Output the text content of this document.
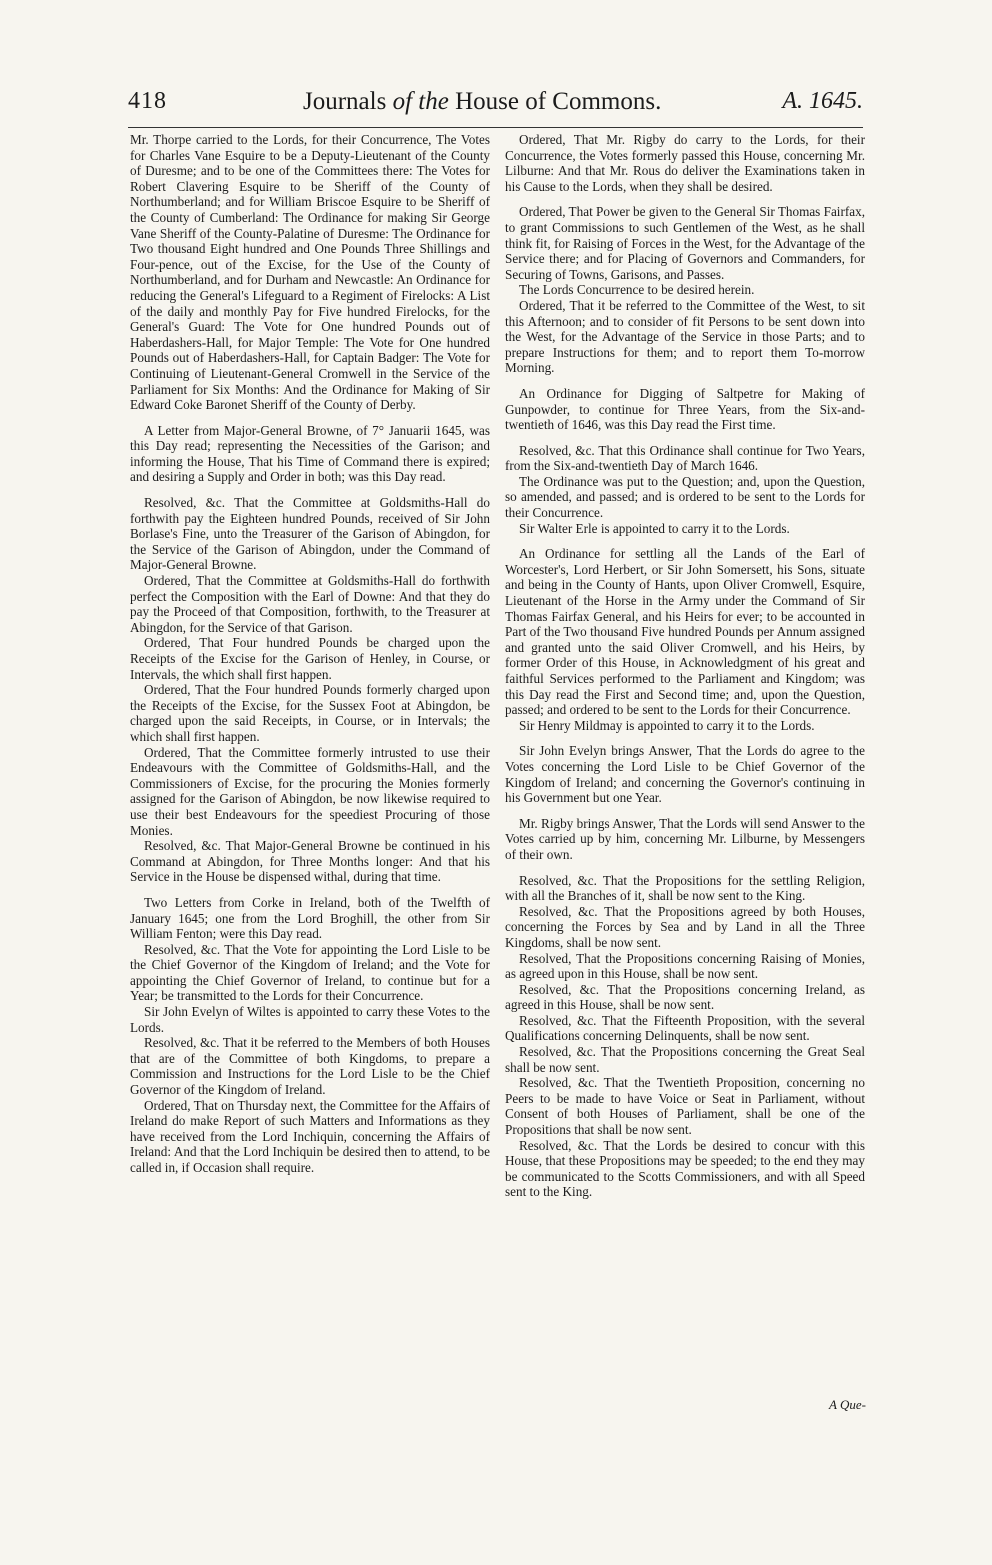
418	Journals of the House of Commons.	A. 1645.

Mr. Thorpe carried to the Lords, for their Concurrence, The Votes for Charles Vane Esquire to be a Deputy-Lieutenant of the County of Duresme; and to be one of the Committees there: The Votes for Robert Clavering Esquire to be Sheriff of the County of Northumberland; and for William Briscoe Esquire to be Sheriff of the County of Cumberland: The Ordinance for making Sir George Vane Sheriff of the County-Palatine of Duresme: The Ordinance for Two thousand Eight hundred and One Pounds Three Shillings and Four-pence, out of the Excise, for the Use of the County of Northumberland, and for Durham and Newcastle: An Ordinance for reducing the General's Lifeguard to a Regiment of Firelocks: A List of the daily and monthly Pay for Five hundred Firelocks, for the General's Guard: The Vote for One hundred Pounds out of Haberdashers-Hall, for Major Temple: The Vote for One hundred Pounds out of Haberdashers-Hall, for Captain Badger: The Vote for Continuing of Lieutenant-General Cromwell in the Service of the Parliament for Six Months: And the Ordinance for Making of Sir Edward Coke Baronet Sheriff of the County of Derby.

A Letter from Major-General Browne, of 7° Januarii 1645, was this Day read; representing the Necessities of the Garison; and informing the House, That his Time of Command there is expired; and desiring a Supply and Order in both; was this Day read.

Resolved, &c. That the Committee at Goldsmiths-Hall do forthwith pay the Eighteen hundred Pounds, received of Sir John Borlase's Fine, unto the Treasurer of the Garison of Abingdon, for the Service of the Garison of Abingdon, under the Command of Major-General Browne.

Ordered, That the Committee at Goldsmiths-Hall do forthwith perfect the Composition with the Earl of Downe: And that they do pay the Proceed of that Composition, forthwith, to the Treasurer at Abingdon, for the Service of that Garison.

Ordered, That Four hundred Pounds be charged upon the Receipts of the Excise for the Garison of Henley, in Course, or Intervals, the which shall first happen.

Ordered, That the Four hundred Pounds formerly charged upon the Receipts of the Excise, for the Sussex Foot at Abingdon, be charged upon the said Receipts, in Course, or in Intervals; the which shall first happen.

Ordered, That the Committee formerly intrusted to use their Endeavours with the Committee of Goldsmiths-Hall, and the Commissioners of Excise, for the procuring the Monies formerly assigned for the Garison of Abingdon, be now likewise required to use their best Endeavours for the speediest Procuring of those Monies.

Resolved, &c. That Major-General Browne be continued in his Command at Abingdon, for Three Months longer: And that his Service in the House be dispensed withal, during that time.

Two Letters from Corke in Ireland, both of the Twelfth of January 1645; one from the Lord Broghill, the other from Sir William Fenton; were this Day read.

Resolved, &c. That the Vote for appointing the Lord Lisle to be the Chief Governor of the Kingdom of Ireland; and the Vote for appointing the Chief Governor of Ireland, to continue but for a Year; be transmitted to the Lords for their Concurrence.

Sir John Evelyn of Wiltes is appointed to carry these Votes to the Lords.

Resolved, &c. That it be referred to the Members of both Houses that are of the Committee of both Kingdoms, to prepare a Commission and Instructions for the Lord Lisle to be the Chief Governor of the Kingdom of Ireland.

Ordered, That on Thursday next, the Committee for the Affairs of Ireland do make Report of such Matters and Informations as they have received from the Lord Inchiquin, concerning the Affairs of Ireland: And that the Lord Inchiquin be desired then to attend, to be called in, if Occasion shall require.

Ordered, That Mr. Rigby do carry to the Lords, for their Concurrence, the Votes formerly passed this House, concerning Mr. Lilburne: And that Mr. Rous do deliver the Examinations taken in his Cause to the Lords, when they shall be desired.

Ordered, That Power be given to the General Sir Thomas Fairfax, to grant Commissions to such Gentlemen of the West, as he shall think fit, for Raising of Forces in the West, for the Advantage of the Service there; and for Placing of Governors and Commanders, for Securing of Towns, Garisons, and Passes.

The Lords Concurrence to be desired herein.

Ordered, That it be referred to the Committee of the West, to sit this Afternoon; and to consider of fit Persons to be sent down into the West, for the Advantage of the Service in those Parts; and to prepare Instructions for them; and to report them To-morrow Morning.

An Ordinance for Digging of Saltpetre for Making of Gunpowder, to continue for Three Years, from the Six-and-twentieth of 1646, was this Day read the First time.

Resolved, &c. That this Ordinance shall continue for Two Years, from the Six-and-twentieth Day of March 1646.

The Ordinance was put to the Question; and, upon the Question, so amended, and passed; and is ordered to be sent to the Lords for their Concurrence.

Sir Walter Erle is appointed to carry it to the Lords.

An Ordinance for settling all the Lands of the Earl of Worcester's, Lord Herbert, or Sir John Somersett, his Sons, situate and being in the County of Hants, upon Oliver Cromwell, Esquire, Lieutenant of the Horse in the Army under the Command of Sir Thomas Fairfax General, and his Heirs for ever; to be accounted in Part of the Two thousand Five hundred Pounds per Annum assigned and granted unto the said Oliver Cromwell, and his Heirs, by former Order of this House, in Acknowledgment of his great and faithful Services performed to the Parliament and Kingdom; was this Day read the First and Second time; and, upon the Question, passed; and ordered to be sent to the Lords for their Concurrence.

Sir Henry Mildmay is appointed to carry it to the Lords.

Sir John Evelyn brings Answer, That the Lords do agree to the Votes concerning the Lord Lisle to be Chief Governor of the Kingdom of Ireland; and concerning the Governor's continuing in his Government but one Year.

Mr. Rigby brings Answer, That the Lords will send Answer to the Votes carried up by him, concerning Mr. Lilburne, by Messengers of their own.

Resolved, &c. That the Propositions for the settling Religion, with all the Branches of it, shall be now sent to the King.

Resolved, &c. That the Propositions agreed by both Houses, concerning the Forces by Sea and by Land in all the Three Kingdoms, shall be now sent.

Resolved, That the Propositions concerning Raising of Monies, as agreed upon in this House, shall be now sent.

Resolved, &c. That the Propositions concerning Ireland, as agreed in this House, shall be now sent.

Resolved, &c. That the Fifteenth Proposition, with the several Qualifications concerning Delinquents, shall be now sent.

Resolved, &c. That the Propositions concerning the Great Seal shall be now sent.

Resolved, &c. That the Twentieth Proposition, concerning no Peers to be made to have Voice or Seat in Parliament, without Consent of both Houses of Parliament, shall be one of the Propositions that shall be now sent.

Resolved, &c. That the Lords be desired to concur with this House, that these Propositions may be speeded; to the end they may be communicated to the Scotts Commissioners, and with all Speed sent to the King.

A Que-
